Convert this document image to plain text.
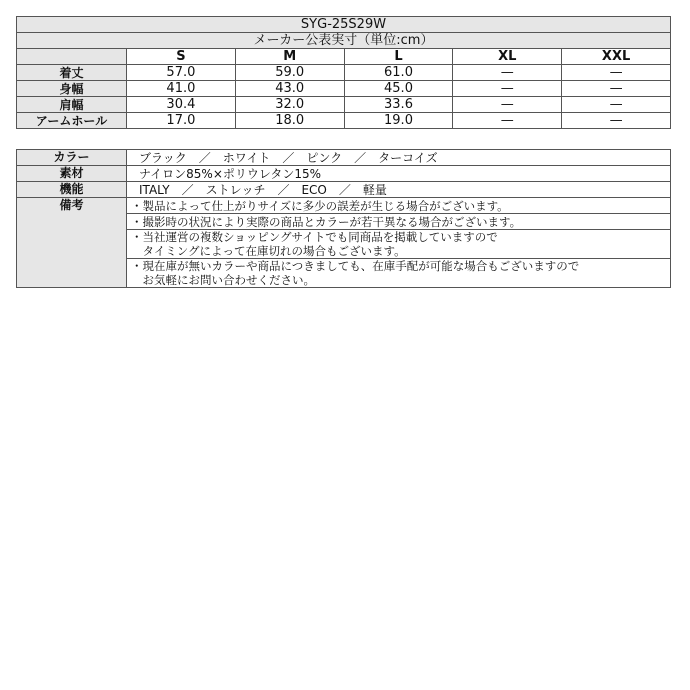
SYG-25S29W					
メーカー公表実寸（単位:cm）					
	S	M	L	XL	XXL
着丈	57.0	59.0	61.0	—	—
身幅	41.0	43.0	45.0	—	—
肩幅	30.4	32.0	33.6	—	—
アームホール	17.0	18.0	19.0	—	—
カラー	ブラック　／　ホワイト　／　ピンク　／　ターコイズ
素材	ナイロン85%×ポリウレタン15%
機能	ITALY　／　ストレッチ　／　ECO　／　軽量
備考	・製品によって仕上がりサイズに多少の誤差が生じる場合がございます。

	・撮影時の状況により実際の商品とカラーが若干異なる場合がございます。

	・当社運営の複数ショッピングサイトでも同商品を掲載していますので
　タイミングによって在庫切れの場合もございます。

	・現在庫が無いカラーや商品につきましても、在庫手配が可能な場合もございますので
　お気軽にお問い合わせください。
